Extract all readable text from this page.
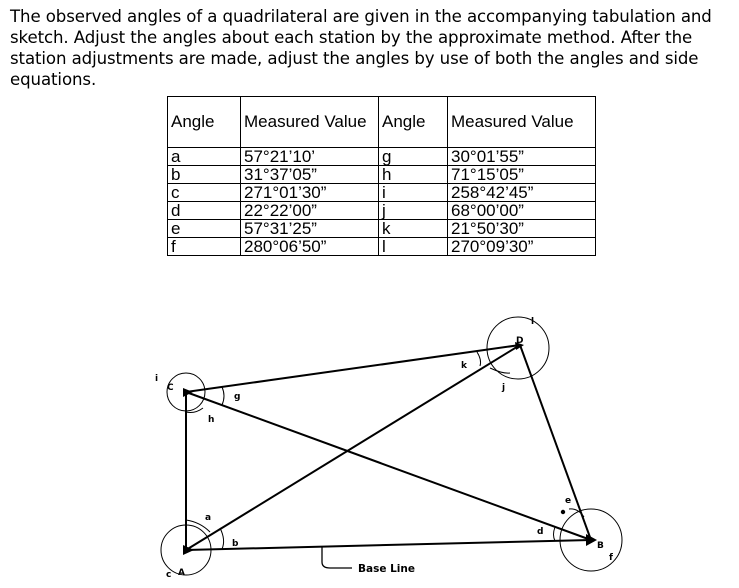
The observed angles of a quadrilateral are given in the accompanying tabulation and sketch. Adjust the angles about each station by the approximate method. After the station adjustments are made, adjust the angles by use of both the angles and side equations.
Angle	Measured Value	Angle	Measured Value
a	57°21’10’	g	30°01’55”
b	31°37’05”	h	71°15’05”
c	271°01’30”	i	258°42’45”
d	22°22’00”	j	68°00’00”
e	57°31’25”	k	21°50’30”
f	280°06’50”	l	270°09’30”
C
A
B
D
a
b
c
d
e
f
g
h
i
j
k
l
Base Line
